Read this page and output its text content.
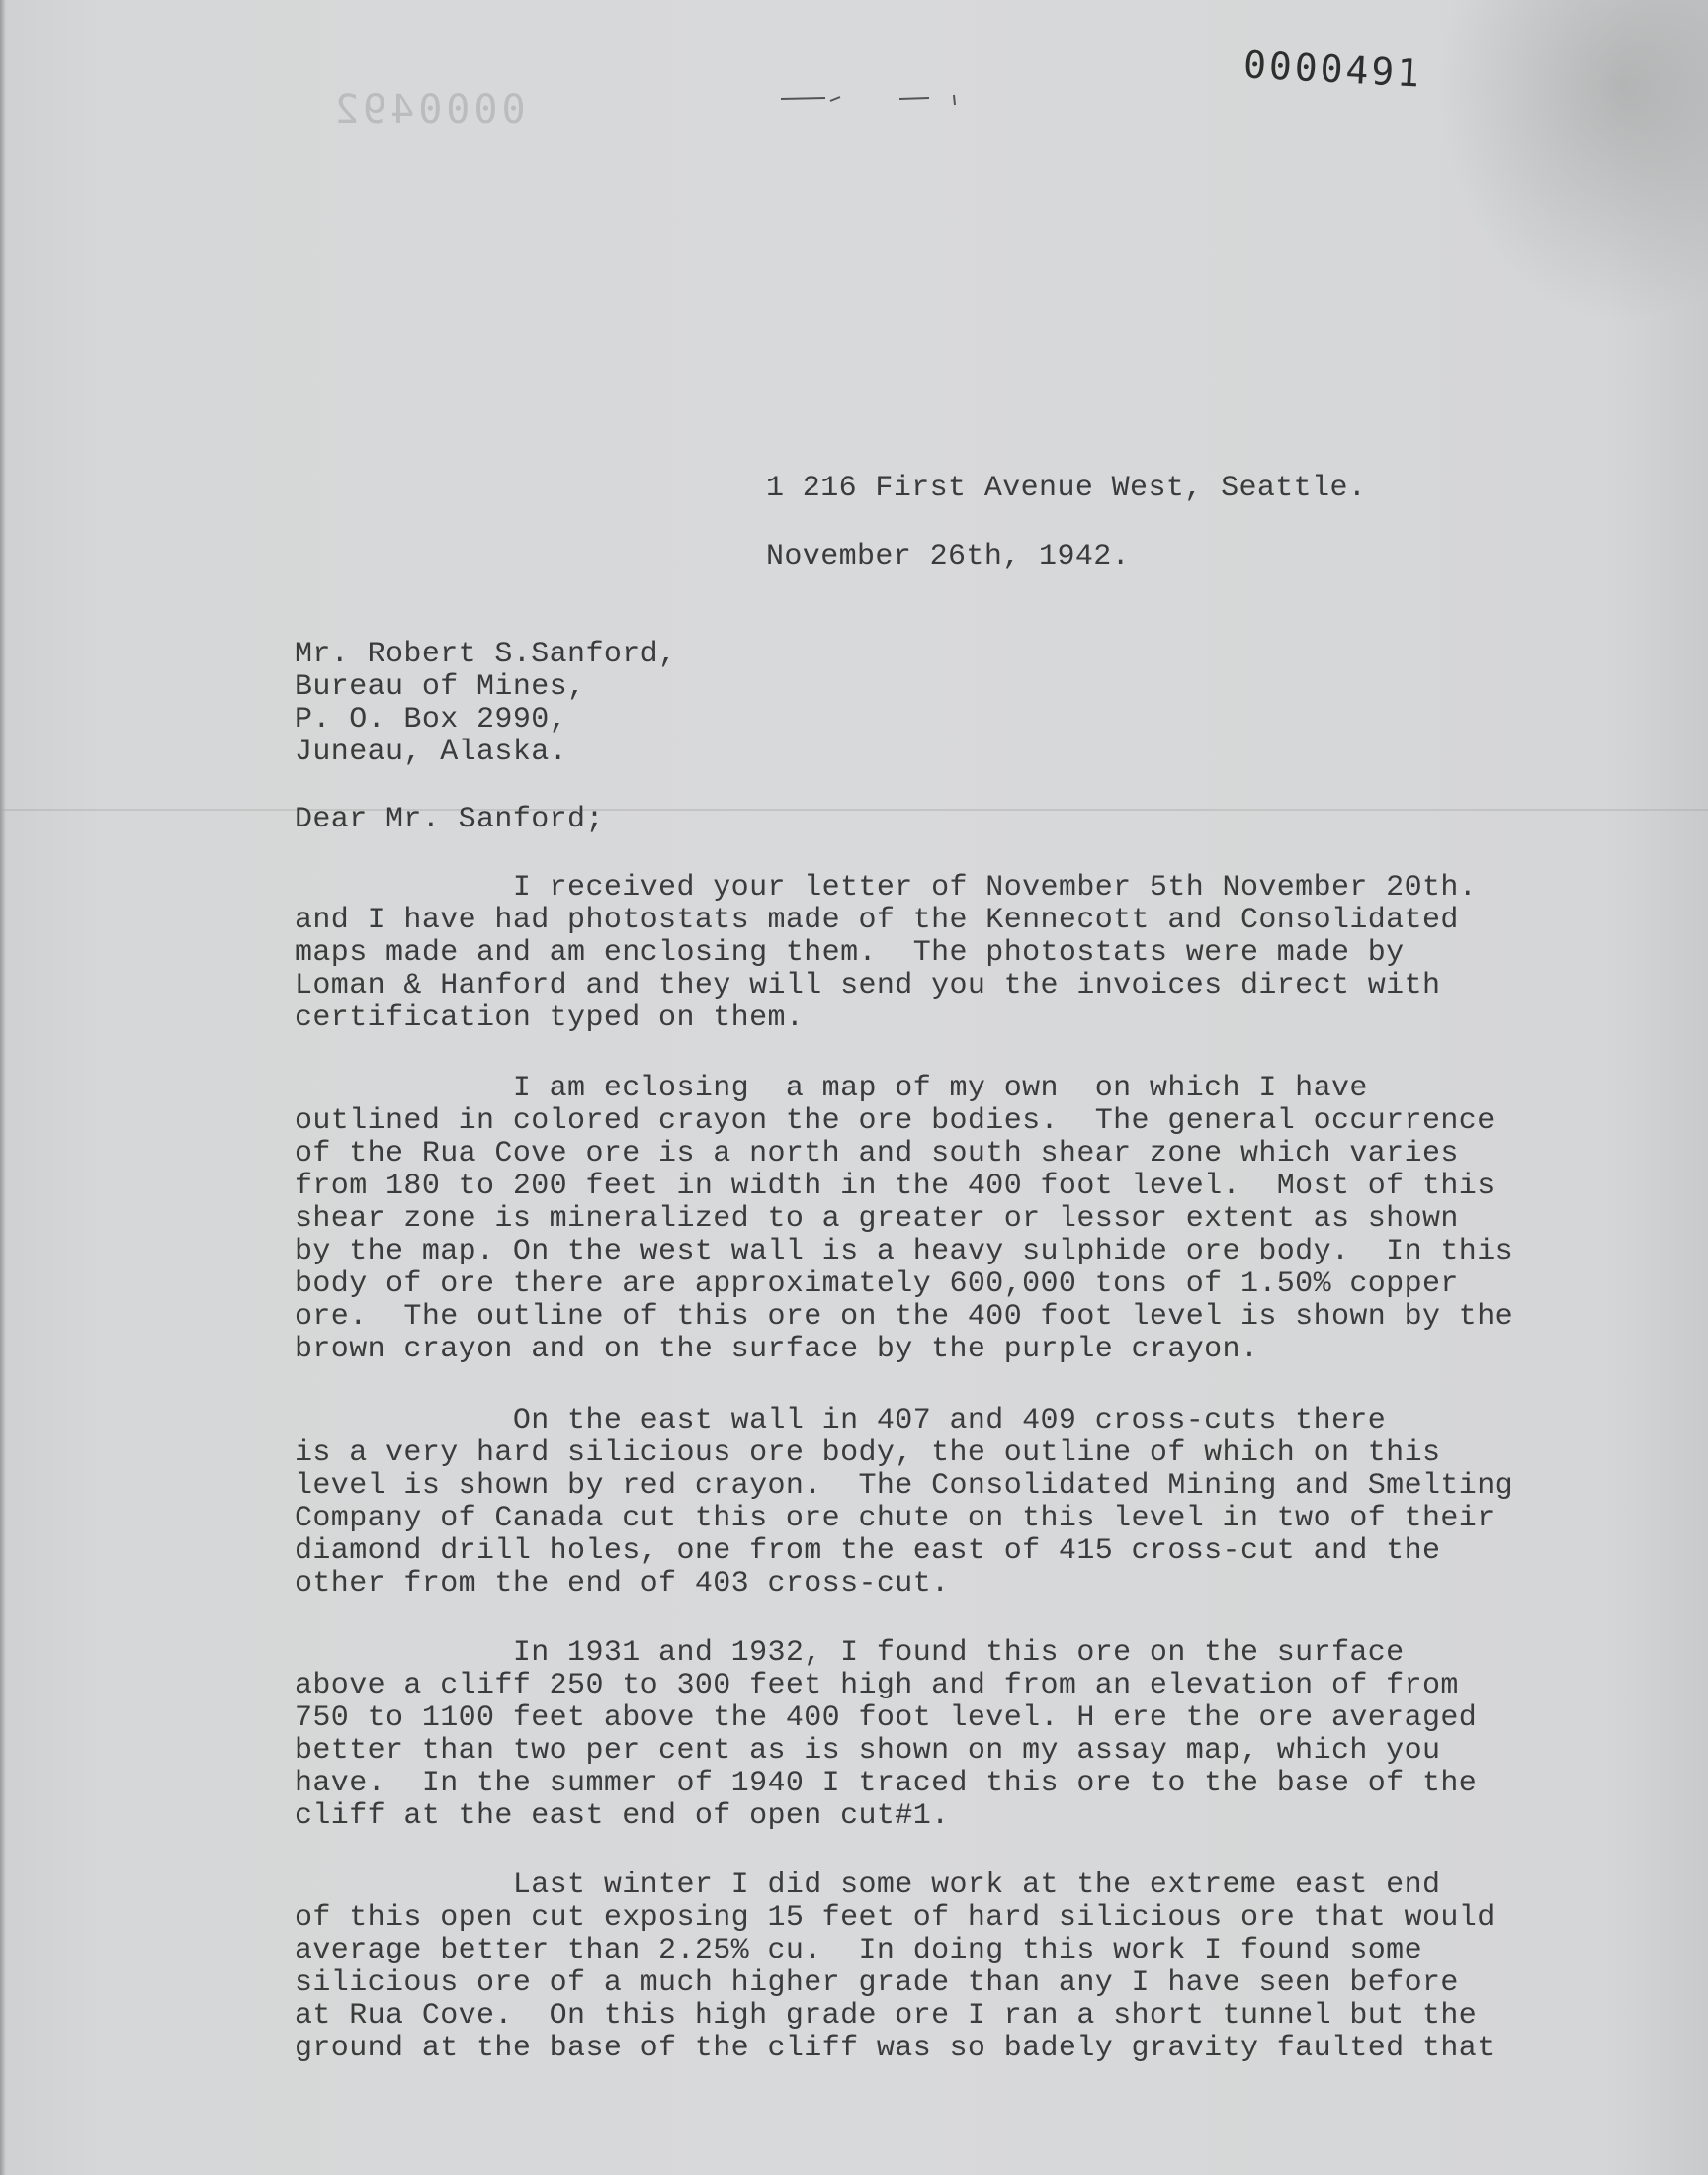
0000492
0000491
1 216 First Avenue West, Seattle.
November 26th, 1942.
Mr. Robert S.Sanford,
Bureau of Mines,
P. O. Box 2990,
Juneau, Alaska.
Dear Mr. Sanford;
I received your letter of November 5th November 20th.
and I have had photostats made of the Kennecott and Consolidated
maps made and am enclosing them.  The photostats were made by
Loman & Hanford and they will send you the invoices direct with
certification typed on them.
I am eclosing  a map of my own  on which I have
outlined in colored crayon the ore bodies.  The general occurrence
of the Rua Cove ore is a north and south shear zone which varies
from 180 to 200 feet in width in the 400 foot level.  Most of this
shear zone is mineralized to a greater or lessor extent as shown
by the map. On the west wall is a heavy sulphide ore body.  In this
body of ore there are approximately 600,000 tons of 1.50% copper
ore.  The outline of this ore on the 400 foot level is shown by the
brown crayon and on the surface by the purple crayon.
On the east wall in 407 and 409 cross-cuts there
is a very hard silicious ore body, the outline of which on this
level is shown by red crayon.  The Consolidated Mining and Smelting
Company of Canada cut this ore chute on this level in two of their
diamond drill holes, one from the east of 415 cross-cut and the
other from the end of 403 cross-cut.
In 1931 and 1932, I found this ore on the surface
above a cliff 250 to 300 feet high and from an elevation of from
750 to 1100 feet above the 400 foot level. H ere the ore averaged
better than two per cent as is shown on my assay map, which you
have.  In the summer of 1940 I traced this ore to the base of the
cliff at the east end of open cut#1.
Last winter I did some work at the extreme east end
of this open cut exposing 15 feet of hard silicious ore that would
average better than 2.25% cu.  In doing this work I found some
silicious ore of a much higher grade than any I have seen before
at Rua Cove.  On this high grade ore I ran a short tunnel but the
ground at the base of the cliff was so badely gravity faulted that
